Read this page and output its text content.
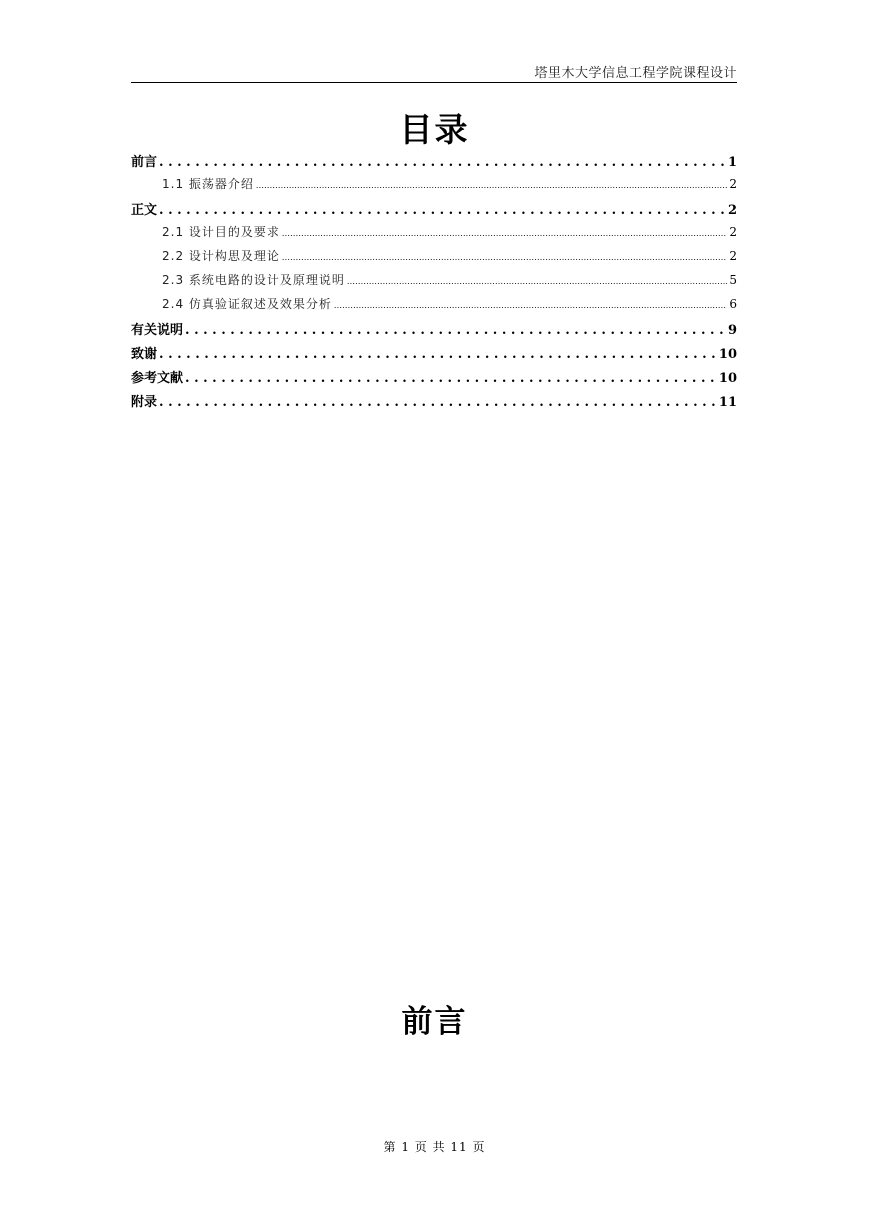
塔里木大学信息工程学院课程设计
目录
前言 . . .	1
1.1 振荡器介绍 .....	2
正文 . . .	2
2.1 设计目的及要求 .....	2
2.2 设计构思及理论 .....	2
2.3 系统电路的设计及原理说明 .....	5
2.4 仿真验证叙述及效果分析 .....	6
有关说明 . . .	9
致谢 . . .	10
参考文献 . . .	10
附录 . . .	11
前言
第 1 页 共 11 页
